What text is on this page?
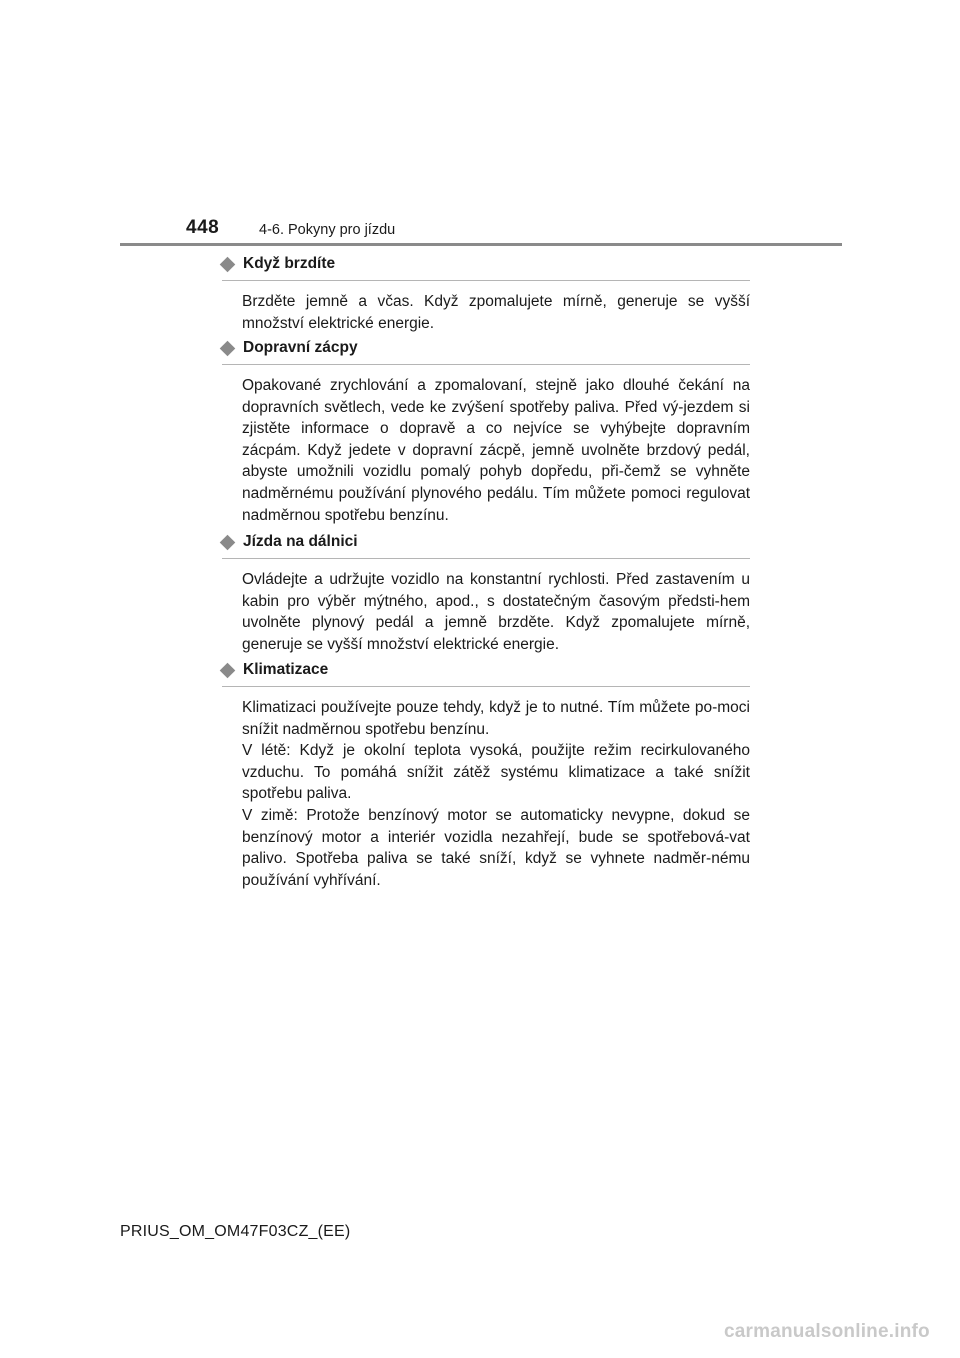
448	4-6. Pokyny pro jízdu
Když brzdíte

Brzděte jemně a včas. Když zpomalujete mírně, generuje se vyšší množství elektrické energie.

Dopravní zácpy

Opakované zrychlování a zpomalovaní, stejně jako dlouhé čekání na dopravních světlech, vede ke zvýšení spotřeby paliva. Před vý-jezdem si zjistěte informace o dopravě a co nejvíce se vyhýbejte dopravním zácpám. Když jedete v dopravní zácpě, jemně uvolněte brzdový pedál, abyste umožnili vozidlu pomalý pohyb dopředu, při-čemž se vyhněte nadměrnému používání plynového pedálu. Tím můžete pomoci regulovat nadměrnou spotřebu benzínu.

Jízda na dálnici

Ovládejte a udržujte vozidlo na konstantní rychlosti. Před zastavením u kabin pro výběr mýtného, apod., s dostatečným časovým předsti-hem uvolněte plynový pedál a jemně brzděte. Když zpomalujete mírně, generuje se vyšší množství elektrické energie.

Klimatizace

Klimatizaci používejte pouze tehdy, když je to nutné. Tím můžete po-moci snížit nadměrnou spotřebu benzínu.

V létě: Když je okolní teplota vysoká, použijte režim recirkulovaného vzduchu. To pomáhá snížit zátěž systému klimatizace a také snížit spotřebu paliva.

V zimě: Protože benzínový motor se automaticky nevypne, dokud se benzínový motor a interiér vozidla nezahřejí, bude se spotřebová-vat palivo. Spotřeba paliva se také sníží, když se vyhnete nadměr-nému používání vyhřívání.

PRIUS_OM_OM47F03CZ_(EE)
carmanualsonline.info
